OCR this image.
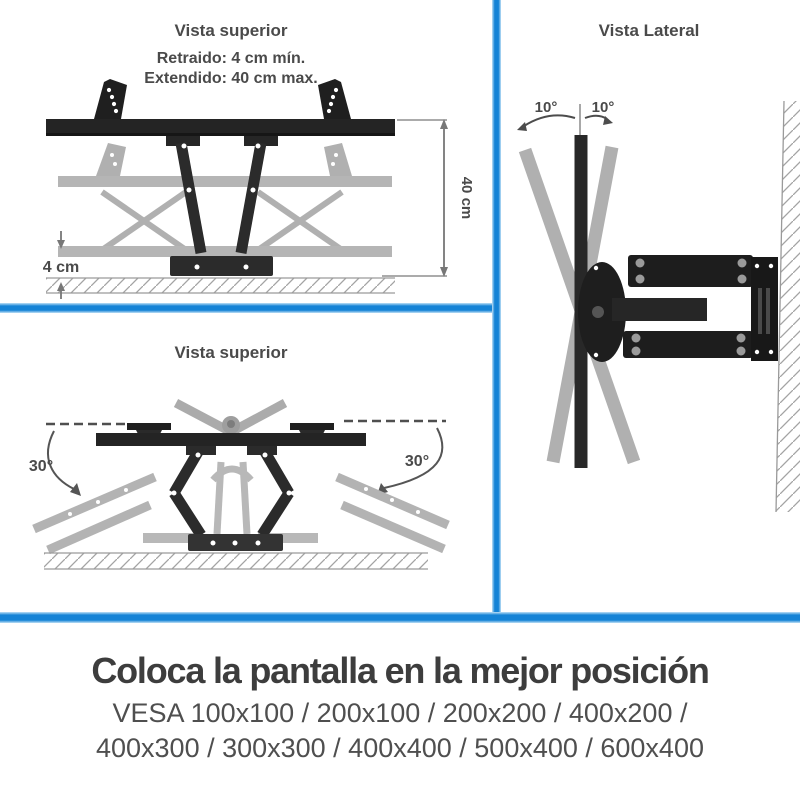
Vista superior
Retraido: 4 cm mín.
Extendido: 40 cm max.
40 cm
4 cm
Vista superior
30°	30°
Vista Lateral
10° 10°
Coloca la pantalla en la mejor posición
VESA 100x100 / 200x100 / 200x200 / 400x200 /
400x300 / 300x300 / 400x400 / 500x400 / 600x400
